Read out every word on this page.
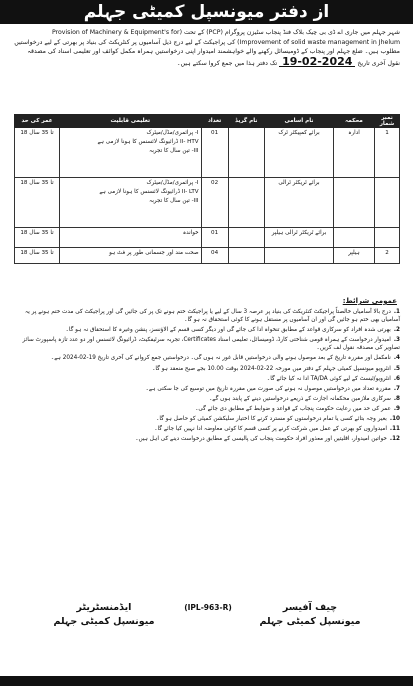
از دفتر میونسپل کمیٹی جہلم
شہر جہلم میں جاری اے ڈی بی چیک بلاک فنڈ پنجاب سٹیزن پروگرام (PCP) کے تحت (Provision of Machinery & Equipment's for Improvement of solid waste management in Jhelum) کی پراجیکٹ کے لیے درج ذیل آسامیوں پر کنٹریکٹ کی بنیاد پر بھرتی کے لیے درخواستیں مطلوب ہیں۔ ضلع جہلم اور پنجاب کے ڈومیسائل رکھنے والے خواہشمند امیدوار اپنی درخواستیں ہمراہ مکمل کوائف اور تعلیمی اسناد کی مصدقہ نقول آخری تاریخ 19-02-2024 تک دفتر ہذا میں جمع کروا سکتے ہیں۔
نمبر شمار	محکمہ	نام اسامی	نام گریڈ	تعداد	تعلیمی قابلیت	عمر کی حد
1	ادارہ	برائے کمپیکٹر ٹرک		01	I- پرائمری/مڈل/میٹرک
II- HTV ڈرائیونگ لائسنس کا ہونا لازمی ہے
III- تین سال کا تجربہ	18 تا 35 سال
		برائے ٹریکٹر ٹرالی		02	I- پرائمری/مڈل/میٹرک
II- LTV ڈرائیونگ لائسنس کا ہونا لازمی ہے
III- تین سال کا تجربہ	18 تا 35 سال
		برائے ٹریکٹر ٹرالی ہیلپر		01	خواندہ	18 تا 35 سال
2	ہیلپر			04	صحت مند اور جسمانی طور پر فٹ ہو	18 تا 35 سال
عمومی شرائط:
1.درج بالا آسامیاں خالصتاً پراجیکٹ کنٹریکٹ کی بنیاد پر عرصہ 3 سال کے لیے یا پراجیکٹ ختم ہونے تک پر کی جائیں گی اور پراجیکٹ کی مدت ختم ہونے پر یہ آسامیاں بھی ختم ہو جائیں گی اور ان آسامیوں پر مستقل ہونے کا کوئی استحقاق نہ ہو گا۔
2.بھرتی شدہ افراد کو سرکاری قواعد کے مطابق تنخواہ ادا کی جائے گی اور دیگر کسی قسم کے الاؤنسز، پنشن وغیرہ کا استحقاق نہ ہو گا۔
3.امیدوار درخواست کے ہمراہ قومی شناختی کارڈ، ڈومیسائل، تعلیمی اسناد Certificates، تجربہ سرٹیفکیٹ، ڈرائیونگ لائسنس اور دو عدد تازہ پاسپورٹ سائز تصاویر کی مصدقہ نقول لف کریں۔
4.نامکمل اور مقررہ تاریخ کے بعد موصول ہونے والی درخواستیں قابل غور نہ ہوں گی۔ درخواستیں جمع کروانے کی آخری تاریخ 19-02-2024 ہے۔
5.انٹرویو میونسپل کمیٹی جہلم کے دفتر میں مورخہ 22-02-2024 بوقت 10.00 بجے صبح منعقد ہو گا۔
6.انٹرویو/ٹیسٹ کے لیے کوئی TA/DA ادا نہ کیا جائے گا۔
7.مقررہ تعداد میں درخواستیں موصول نہ ہونے کی صورت میں مقررہ تاریخ میں توسیع کی جا سکتی ہے۔
8.سرکاری ملازمین محکمانہ اجازت کے ذریعے درخواستیں دینے کے پابند ہوں گے۔
9.عمر کی حد میں رعایت حکومت پنجاب کے قواعد و ضوابط کے مطابق دی جائے گی۔
10.بغیر وجہ بتائے کسی یا تمام درخواستوں کو مسترد کرنے کا اختیار سلیکشن کمیٹی کو حاصل ہو گا۔
11.امیدواروں کو بھرتی کے عمل میں شرکت کرنے پر کسی قسم کا کوئی معاوضہ ادا نہیں کیا جائے گا۔
12.خواتین امیدوار، اقلیتیں اور معذور افراد حکومت پنجاب کی پالیسی کے مطابق درخواست دینے کی اہل ہیں۔
ایڈمنسٹریٹر
میونسپل کمیٹی جہلم
(IPL-963-R)	چیف آفیسر
میونسپل کمیٹی جہلم
